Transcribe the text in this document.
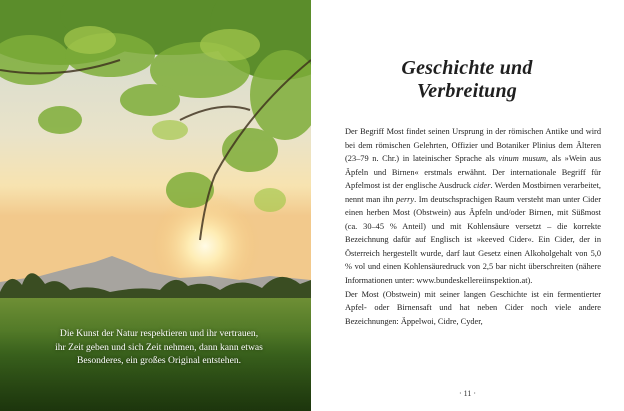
Die Kunst der Natur respektieren und ihr vertrauen,
ihr Zeit geben und sich Zeit nehmen, dann kann etwas
Besonderes, ein großes Original entstehen.
Geschichte und
Verbreitung

Der Begriff Most findet seinen Ursprung in der römischen Antike und wird bei dem römischen Gelehrten, Offizier und Botaniker Plinius dem Älteren (23–79 n. Chr.) in lateinischer Sprache als vinum musum, als »Wein aus Äpfeln und Birnen« erstmals erwähnt. Der internationale Begriff für Apfelmost ist der englische Ausdruck cider. Werden Mostbirnen verarbeitet, nennt man ihn perry. Im deutschsprachigen Raum versteht man unter Cider einen herben Most (Obstwein) aus Äpfeln und/oder Birnen, mit Süßmost (ca. 30–45 % Anteil) und mit Kohlensäure versetzt – die korrekte Bezeichnung dafür auf Englisch ist »keeved Cider«. Ein Cider, der in Österreich hergestellt wurde, darf laut Gesetz einen Alkoholgehalt von 5,0 % vol und einen Kohlensäuredruck von 2,5 bar nicht überschreiten (nähere Informationen unter: www.bundeskellereiinspektion.at).

Der Most (Obstwein) mit seiner langen Geschichte ist ein fermentierter Apfel- oder Birnensaft und hat neben Cider noch viele andere Bezeichnungen: Äppelwoi, Cidre, Cyder,

· 11 ·
